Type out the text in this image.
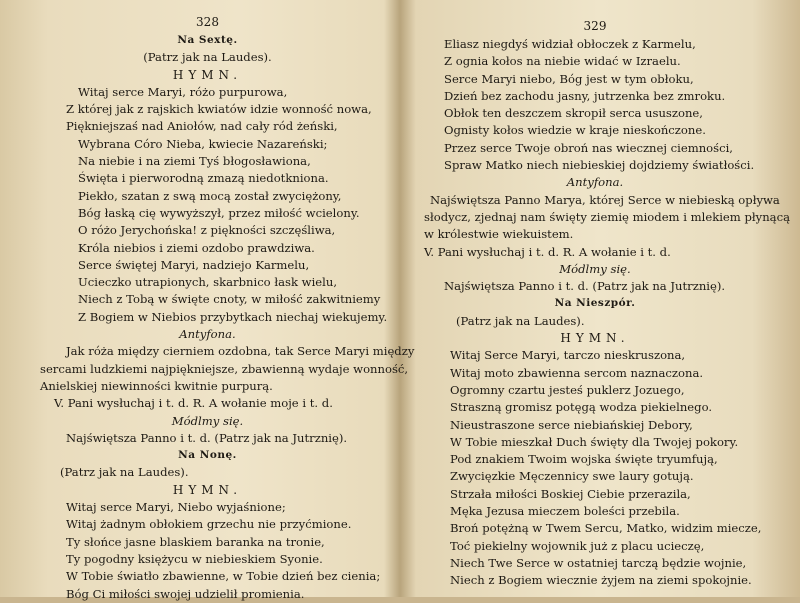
328
Na Sextę.
(Patrz jak na Laudes).
HYMN.
Witaj serce Maryi, różo purpurowa,
Z której jak z rajskich kwiatów idzie wonność nowa,
Piękniejszaś nad Aniołów, nad cały ród żeński,
Wybrana Córo Nieba, kwiecie Nazareński;
Na niebie i na ziemi Tyś błogosławiona,
Święta i pierworodną zmazą niedotkniona.
Piekło, szatan z swą mocą został zwyciężony,
Bóg łaską cię wywyższył, przez miłość wcielony.
O różo Jerychońska! z piękności szczęśliwa,
Króla niebios i ziemi ozdobo prawdziwa.
Serce świętej Maryi, nadziejo Karmelu,
Ucieczko utrapionych, skarbnico łask wielu,
Niech z Tobą w święte cnoty, w miłość zakwitniemy
Z Bogiem w Niebios przybytkach niechaj wiekujemy.
Antyfona.
Jak róża między cierniem ozdobna, tak Serce Maryi między
sercami ludzkiemi najpiękniejsze, zbawienną wydaje wonność,
Anielskiej niewinności kwitnie purpurą.
V. Pani wysłuchaj i t. d. R. A wołanie moje i t. d.
Módlmy się.
Najświętsza Panno i t. d. (Patrz jak na Jutrznię).
Na Nonę.
(Patrz jak na Laudes).
HYMN.
Witaj serce Maryi, Niebo wyjaśnione;
Witaj żadnym obłokiem grzechu nie przyćmione.
Ty słońce jasne blaskiem baranka na tronie,
Ty pogodny księżycu w niebieskiem Syonie.
W Tobie światło zbawienne, w Tobie dzień bez cienia;
Bóg Ci miłości swojej udzielił promienia.
329
Eliasz niegdyś widział obłoczek z Karmelu,
Z ognia kołos na niebie widać w Izraelu.
Serce Maryi niebo, Bóg jest w tym obłoku,
Dzień bez zachodu jasny, jutrzenka bez zmroku.
Obłok ten deszczem skropił serca ususzone,
Ognisty kołos wiedzie w kraje nieskończone.
Przez serce Twoje obroń nas wiecznej ciemności,
Spraw Matko niech niebieskiej dojdziemy światłości.
Antyfona.
Najświętsza Panno Marya, której Serce w niebieską opływa
słodycz, zjednaj nam święty ziemię miodem i mlekiem płynącą
w królestwie wiekuistem.
V. Pani wysłuchaj i t. d. R. A wołanie i t. d.
Módlmy się.
Najświętsza Panno i t. d. (Patrz jak na Jutrznię).
Na Nieszpór.
(Patrz jak na Laudes).
HYMN.
Witaj Serce Maryi, tarczo nieskruszona,
Witaj moto zbawienna sercom naznaczona.
Ogromny czartu jesteś puklerz Jozuego,
Straszną gromisz potęgą wodza piekielnego.
Nieustraszone serce niebiańskiej Debory,
W Tobie mieszkał Duch święty dla Twojej pokory.
Pod znakiem Twoim wojska święte tryumfują,
Zwycięzkie Męczennicy swe laury gotują.
Strzała miłości Boskiej Ciebie przerazila,
Męka Jezusa mieczem boleści przebila.
Broń potężną w Twem Sercu, Matko, widzim miecze,
Toć piekielny wojownik już z placu ucieczę,
Niech Twe Serce w ostatniej tarczą będzie wojnie,
Niech z Bogiem wiecznie żyjem na ziemi spokojnie.
